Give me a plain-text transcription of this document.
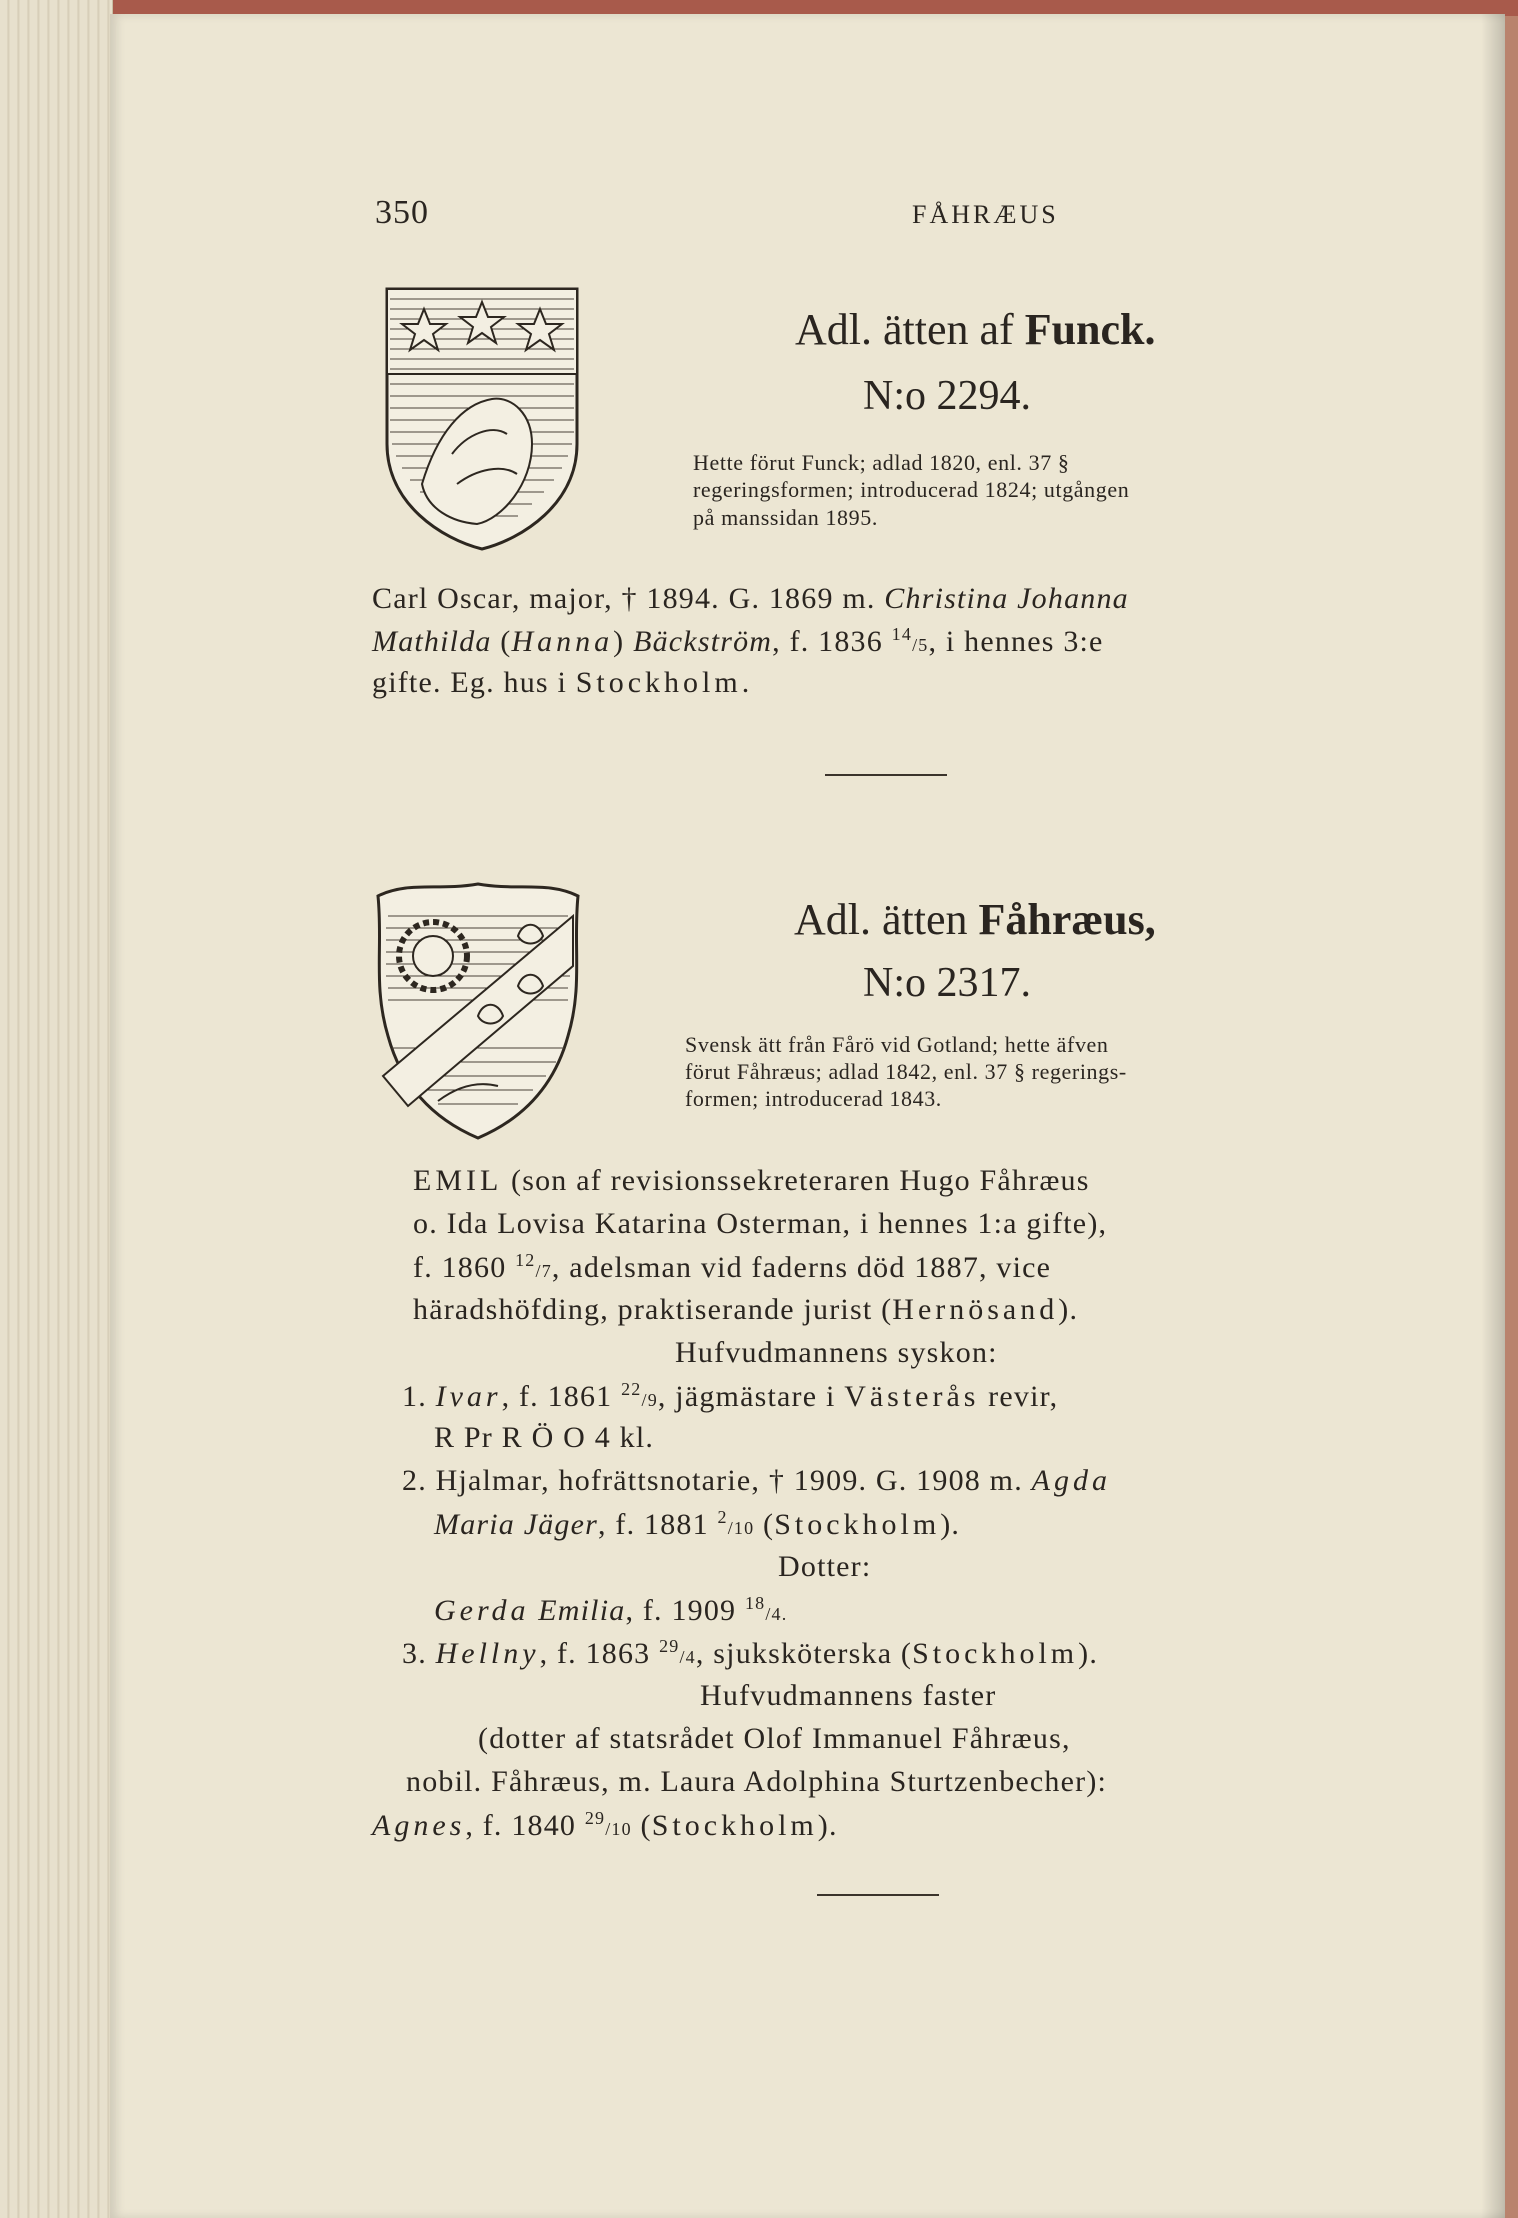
350	FÅHRÆUS
Adl. ätten af Funck.
N:o 2294.
Hette förut Funck; adlad 1820, enl. 37 §
regeringsformen; introducerad 1824; utgången
på manssidan 1895.
Carl Oscar, major, † 1894. G. 1869 m. Christina Johanna
Mathilda (Hanna) Bäckström, f. 1836 $^{14}$/5, i hennes 3:e
gifte. Eg. hus i Stockholm.
Adl. ätten Fåhræus,
N:o 2317.
Svensk ätt från Fårö vid Gotland; hette äfven
förut Fåhræus; adlad 1842, enl. 37 § regerings-
formen; introducerad 1843.
EMIL (son af revisionssekreteraren Hugo Fåhræus
o. Ida Lovisa Katarina Osterman, i hennes 1:a gifte),
f. 1860 $^{12}$/7, adelsman vid faderns död 1887, vice
häradshöfding, praktiserande jurist (Hernösand).
Hufvudmannens syskon:
1. Ivar, f. 1861 $^{22}$/9, jägmästare i Västerås revir,
R Pr R Ö O 4 kl.
2. Hjalmar, hofrättsnotarie, † 1909. G. 1908 m. Agda
Maria Jäger, f. 1881 $^2$/10 (Stockholm).
Dotter:
Gerda Emilia, f. 1909 $^{18}$/4.
3. Hellny, f. 1863 $^{29}$/4, sjuksköterska (Stockholm).
Hufvudmannens faster
(dotter af statsrådet Olof Immanuel Fåhræus,
nobil. Fåhræus, m. Laura Adolphina Sturtzenbecher):
Agnes, f. 1840 $^{29}$/10 (Stockholm).
